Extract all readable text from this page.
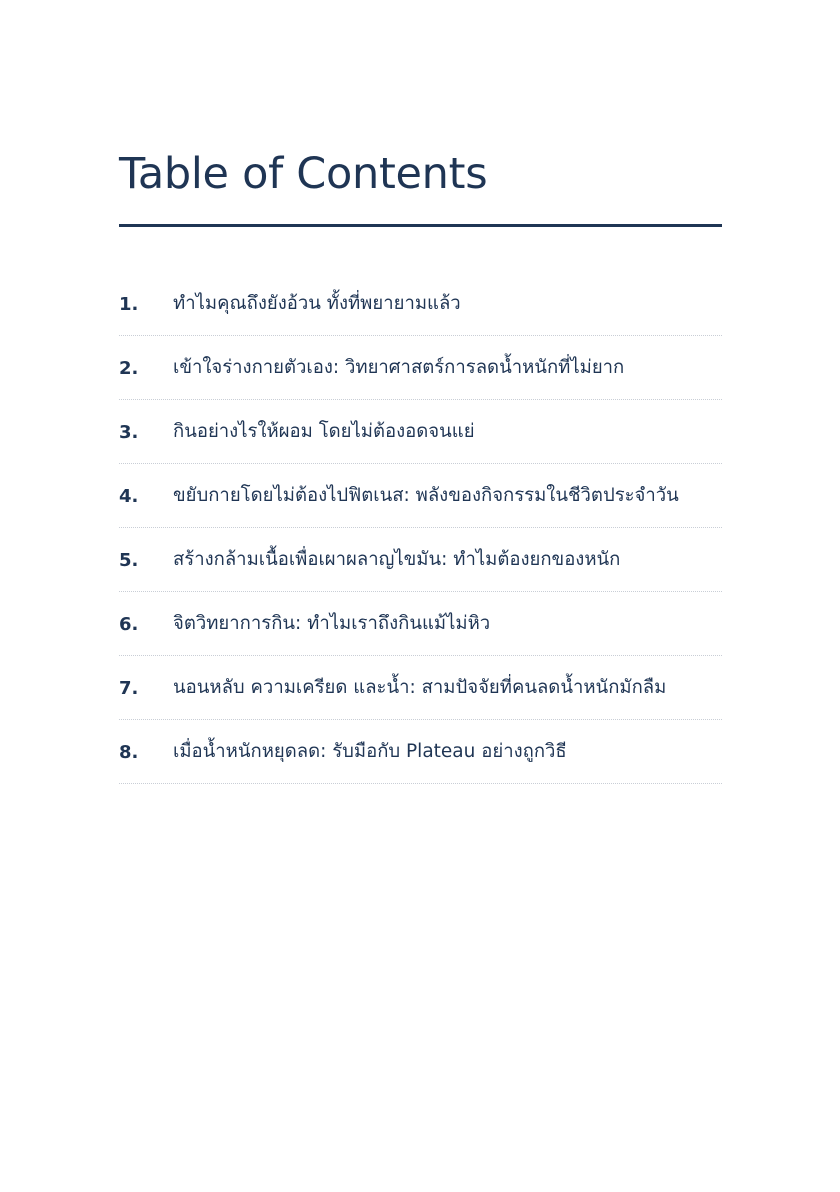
Table of Contents
1. ทำไมคุณถึงยังอ้วน ทั้งที่พยายามแล้ว
2. เข้าใจร่างกายตัวเอง: วิทยาศาสตร์การลดน้ำหนักที่ไม่ยาก
3. กินอย่างไรให้ผอม โดยไม่ต้องอดจนแย่
4. ขยับกายโดยไม่ต้องไปฟิตเนส: พลังของกิจกรรมในชีวิตประจำวัน
5. สร้างกล้ามเนื้อเพื่อเผาผลาญไขมัน: ทำไมต้องยกของหนัก
6. จิตวิทยาการกิน: ทำไมเราถึงกินแม้ไม่หิว
7. นอนหลับ ความเครียด และน้ำ: สามปัจจัยที่คนลดน้ำหนักมักลืม
8. เมื่อน้ำหนักหยุดลด: รับมือกับ Plateau อย่างถูกวิธี
